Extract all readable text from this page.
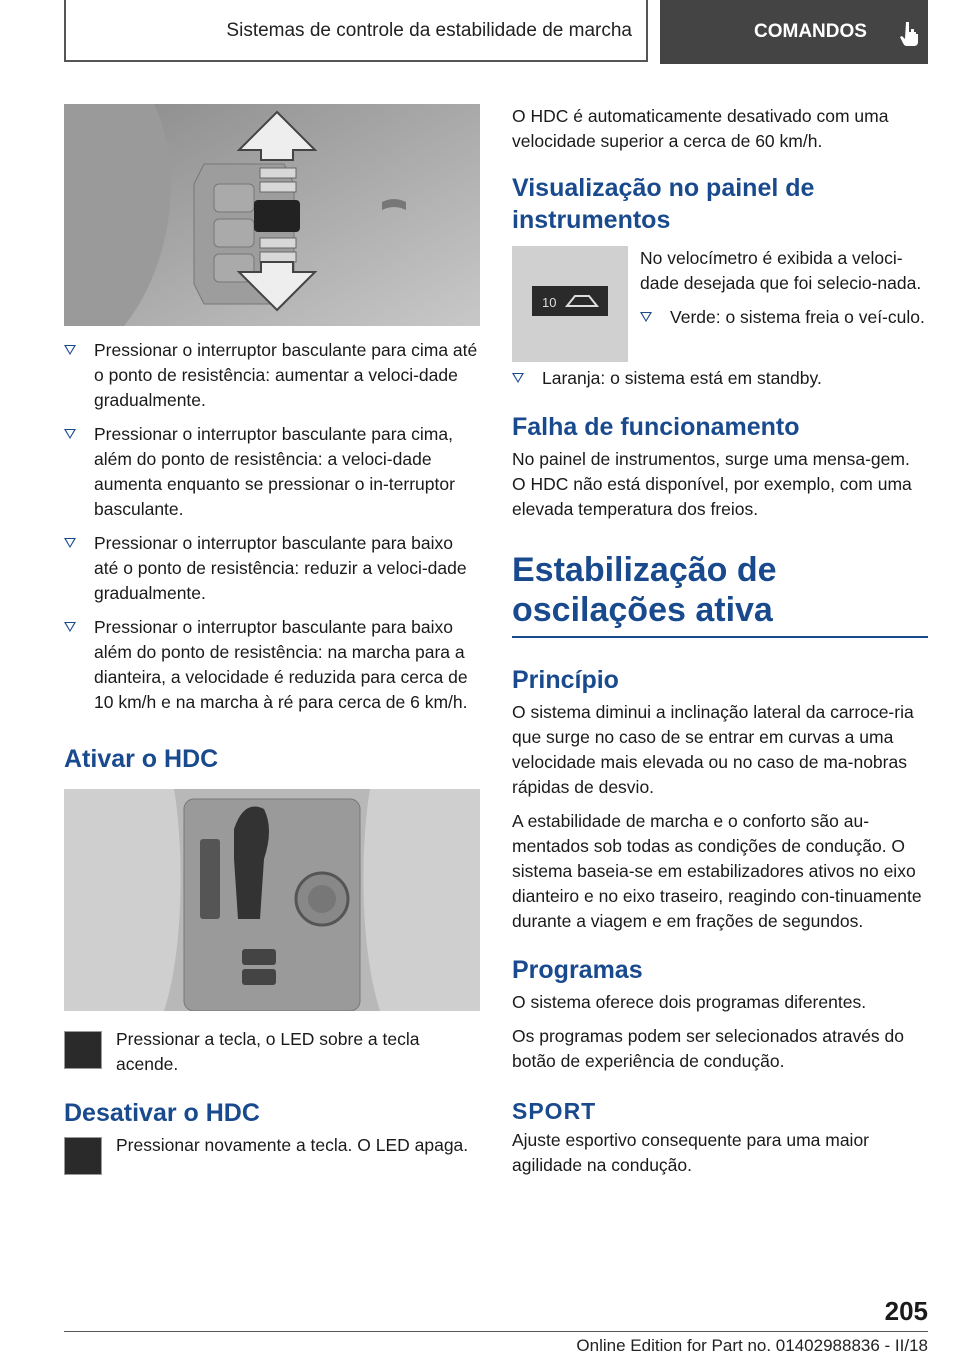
Sistemas de controle da estabilidade de marcha	COMANDOS
Pressionar o interruptor basculante para cima até o ponto de resistência: aumentar a veloci‐dade gradualmente.
Pressionar o interruptor basculante para cima, além do ponto de resistência: a veloci‐dade aumenta enquanto se pressionar o in‐terruptor basculante.
Pressionar o interruptor basculante para baixo até o ponto de resistência: reduzir a veloci‐dade gradualmente.
Pressionar o interruptor basculante para baixo além do ponto de resistência: na marcha para a dianteira, a velocidade é reduzida para cerca de 10 km/h e na marcha à ré para cerca de 6 km/h.
Ativar o HDC

Pressionar a tecla, o LED sobre a tecla acende.

Desativar o HDC

Pressionar novamente a tecla. O LED apaga.

O HDC é automaticamente desativado com uma velocidade superior a cerca de 60 km/h.

Visualização no painel de instrumentos
10

No velocímetro é exibida a veloci‐dade desejada que foi selecio‐nada.

Verde: o sistema freia o veí‐culo.
Laranja: o sistema está em standby.
Falha de funcionamento

No painel de instrumentos, surge uma mensa‐gem. O HDC não está disponível, por exemplo, com uma elevada temperatura dos freios.

Estabilização de oscilações ativa
Princípio

O sistema diminui a inclinação lateral da carroce‐ria que surge no caso de se entrar em curvas a uma velocidade mais elevada ou no caso de ma‐nobras rápidas de desvio.

A estabilidade de marcha e o conforto são au‐mentados sob todas as condições de condução. O sistema baseia-se em estabilizadores ativos no eixo dianteiro e no eixo traseiro, reagindo con‐tinuamente durante a viagem e em frações de segundos.

Programas

O sistema oferece dois programas diferentes.

Os programas podem ser selecionados através do botão de experiência de condução.

SPORT

Ajuste esportivo consequente para uma maior agilidade na condução.

205
Online Edition for Part no. 01402988836 - II/18
